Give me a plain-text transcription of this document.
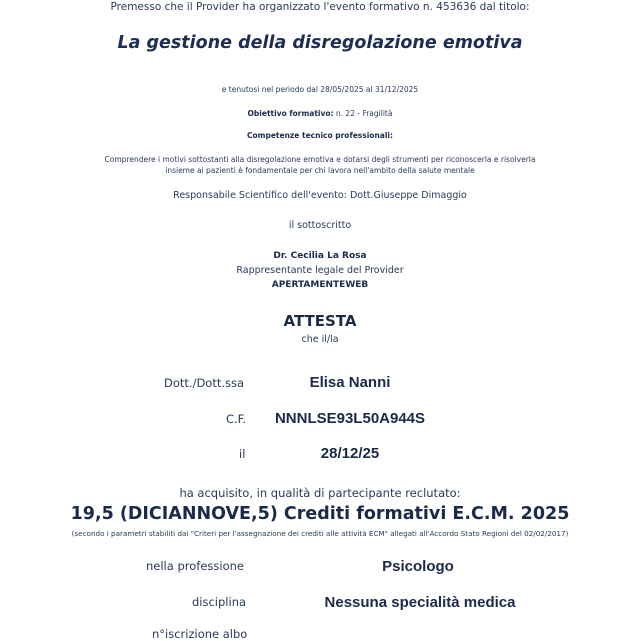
Premesso che il Provider ha organizzato l'evento formativo n. 453636 dal titolo:
La gestione della disregolazione emotiva
e tenutosi nel periodo dal 28/05/2025 al 31/12/2025
Obiettivo formativo: n. 22 - Fragilità
Competenze tecnico professionali:
Comprendere i motivi sottostanti alla disregolazione emotiva e dotarsi degli strumenti per riconoscerla e risolverla
insieme ai pazienti è fondamentale per chi lavora nell'ambito della salute mentale
Responsabile Scientifico dell'evento: Dott.Giuseppe Dimaggio
il sottoscritto
Dr. Cecilia La Rosa
Rappresentante legale del Provider
APERTAMENTEWEB
ATTESTA
che il/la
Dott./Dott.ssa	Elisa Nanni
C.F.	NNNLSE93L50A944S
il	28/12/25
ha acquisito, in qualità di partecipante reclutato:
19,5 (DICIANNOVE,5) Crediti formativi E.C.M. 2025
(secondo i parametri stabiliti dai "Criteri per l'assegnazione dei crediti alle attività ECM" allegati all'Accordo Stato Regioni del 02/02/2017)
nella professione	Psicologo
disciplina	Nessuna specialità medica
n°iscrizione albo
